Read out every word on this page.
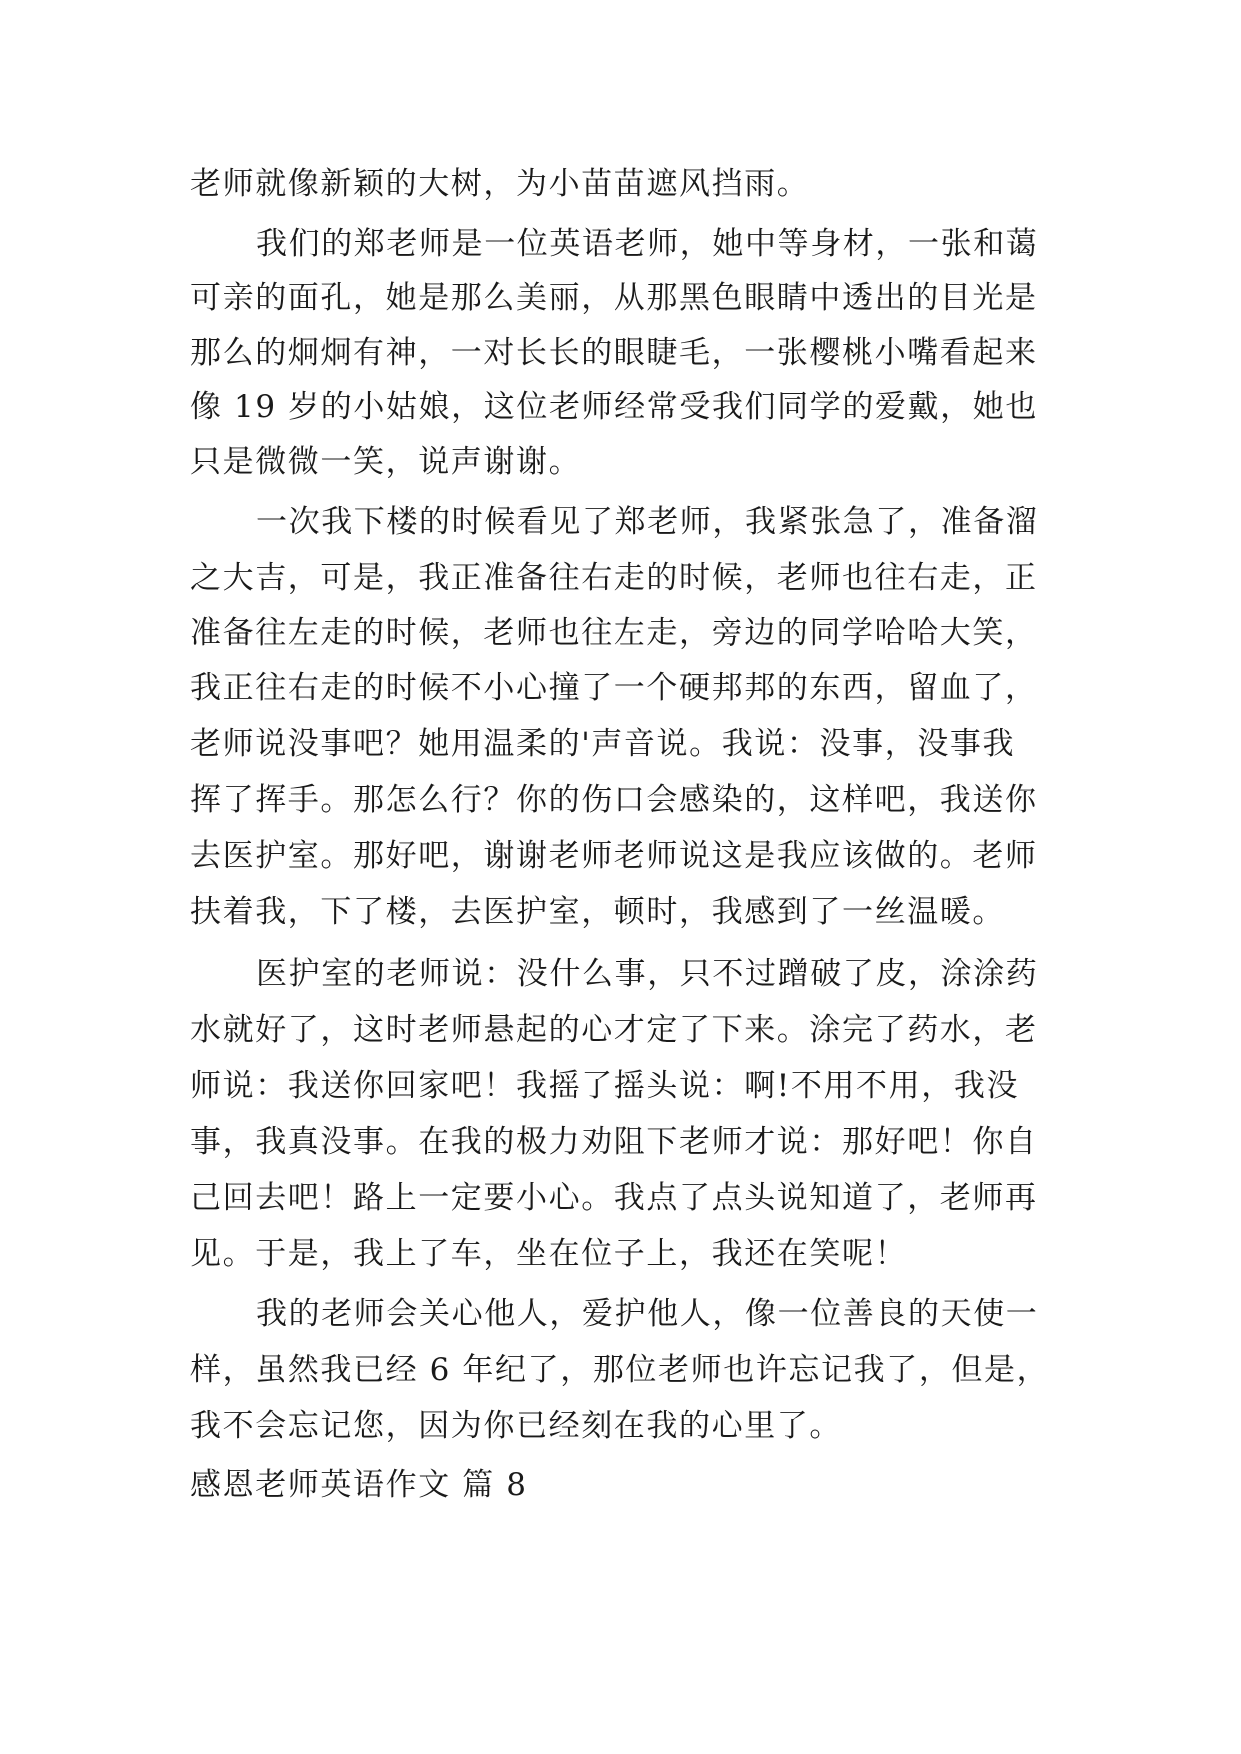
老师就像新颖的大树，为小苗苗遮风挡雨。
我们的郑老师是一位英语老师，她中等身材，一张和蔼
可亲的面孔，她是那么美丽，从那黑色眼睛中透出的目光是
那么的炯炯有神，一对长长的眼睫毛，一张樱桃小嘴看起来
像 19 岁的小姑娘，这位老师经常受我们同学的爱戴，她也
只是微微一笑，说声谢谢。
一次我下楼的时候看见了郑老师，我紧张急了，准备溜
之大吉，可是，我正准备往右走的时候，老师也往右走，正
准备往左走的时候，老师也往左走，旁边的同学哈哈大笑，
我正往右走的时候不小心撞了一个硬邦邦的东西，留血了，
老师说没事吧？她用温柔的'声音说。我说：没事，没事我
挥了挥手。那怎么行？你的伤口会感染的，这样吧，我送你
去医护室。那好吧，谢谢老师老师说这是我应该做的。老师
扶着我，下了楼，去医护室，顿时，我感到了一丝温暖。
医护室的老师说：没什么事，只不过蹭破了皮，涂涂药
水就好了，这时老师悬起的心才定了下来。涂完了药水，老
师说：我送你回家吧！我摇了摇头说：啊!不用不用，我没
事，我真没事。在我的极力劝阻下老师才说：那好吧！你自
己回去吧！路上一定要小心。我点了点头说知道了，老师再
见。于是，我上了车，坐在位子上，我还在笑呢！
我的老师会关心他人，爱护他人，像一位善良的天使一
样，虽然我已经 6 年纪了，那位老师也许忘记我了，但是，
我不会忘记您，因为你已经刻在我的心里了。
感恩老师英语作文 篇 8
